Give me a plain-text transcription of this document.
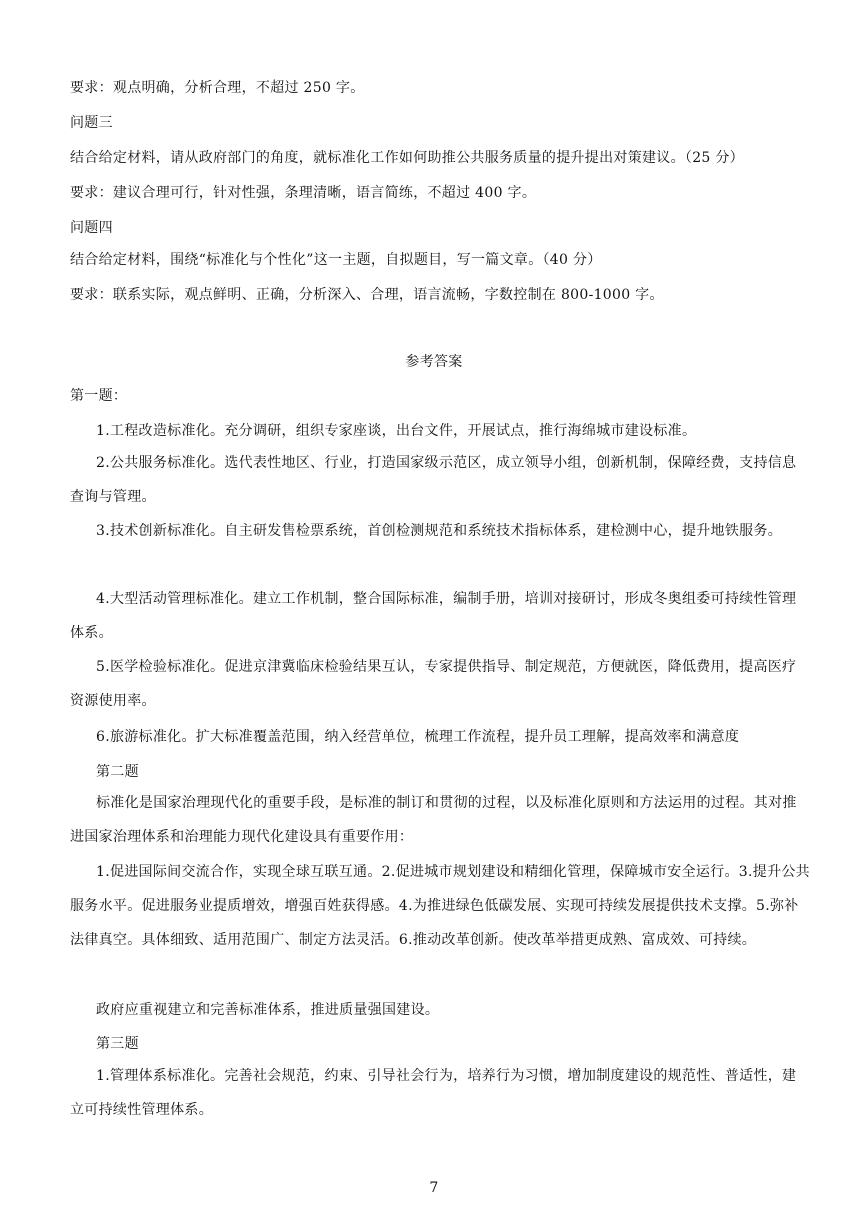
要求：观点明确，分析合理，不超过 250 字。
问题三
结合给定材料，请从政府部门的角度，就标准化工作如何助推公共服务质量的提升提出对策建议。（25 分）
要求：建议合理可行，针对性强，条理清晰，语言简练，不超过 400 字。
问题四
结合给定材料，围绕“标准化与个性化”这一主题，自拟题目，写一篇文章。（40 分）
要求：联系实际，观点鲜明、正确，分析深入、合理，语言流畅，字数控制在 800-1000 字。
参考答案
第一题：
1.工程改造标准化。充分调研，组织专家座谈，出台文件，开展试点，推行海绵城市建设标准。
2.公共服务标准化。选代表性地区、行业，打造国家级示范区，成立领导小组，创新机制，保障经费，支持信息查询与管理。
3.技术创新标准化。自主研发售检票系统，首创检测规范和系统技术指标体系，建检测中心，提升地铁服务。
4.大型活动管理标准化。建立工作机制，整合国际标准，编制手册，培训对接研讨，形成冬奥组委可持续性管理体系。
5.医学检验标准化。促进京津冀临床检验结果互认，专家提供指导、制定规范，方便就医，降低费用，提高医疗资源使用率。
6.旅游标准化。扩大标准覆盖范围，纳入经营单位，梳理工作流程，提升员工理解，提高效率和满意度
第二题
标准化是国家治理现代化的重要手段，是标准的制订和贯彻的过程，以及标准化原则和方法运用的过程。其对推进国家治理体系和治理能力现代化建设具有重要作用：
1.促进国际间交流合作，实现全球互联互通。2.促进城市规划建设和精细化管理，保障城市安全运行。3.提升公共服务水平。促进服务业提质增效，增强百姓获得感。4.为推进绿色低碳发展、实现可持续发展提供技术支撑。5.弥补法律真空。具体细致、适用范围广、制定方法灵活。6.推动改革创新。使改革举措更成熟、富成效、可持续。
政府应重视建立和完善标准体系，推进质量强国建设。
第三题
1.管理体系标准化。完善社会规范，约束、引导社会行为，培养行为习惯，增加制度建设的规范性、普适性，建立可持续性管理体系。
7
